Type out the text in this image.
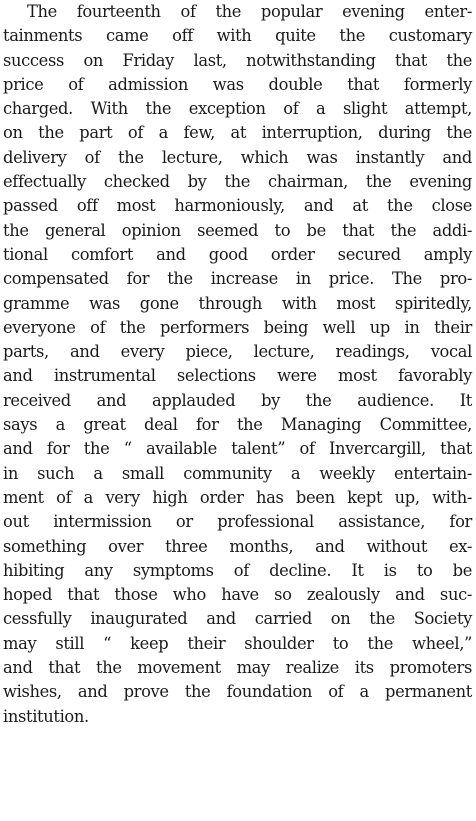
The fourteenth of the popular evening enter-
tainments came off with quite the customary
success on Friday last, notwithstanding that the
price of admission was double that formerly
charged. With the exception of a slight attempt,
on the part of a few, at interruption, during the
delivery of the lecture, which was instantly and
effectually checked by the chairman, the evening
passed off most harmoniously, and at the close
the general opinion seemed to be that the addi-
tional comfort and good order secured amply
compensated for the increase in price. The pro-
gramme was gone through with most spiritedly,
everyone of the performers being well up in their
parts, and every piece, lecture, readings, vocal
and instrumental selections were most favorably
received and applauded by the audience. It
says a great deal for the Managing Committee,
and for the “ available talent” of Invercargill, that
in such a small community a weekly entertain-
ment of a very high order has been kept up, with-
out intermission or professional assistance, for
something over three months, and without ex-
hibiting any symptoms of decline. It is to be
hoped that those who have so zealously and suc-
cessfully inaugurated and carried on the Society
may still “ keep their shoulder to the wheel,”
and that the movement may realize its promoters
wishes, and prove the foundation of a permanent
institution.
